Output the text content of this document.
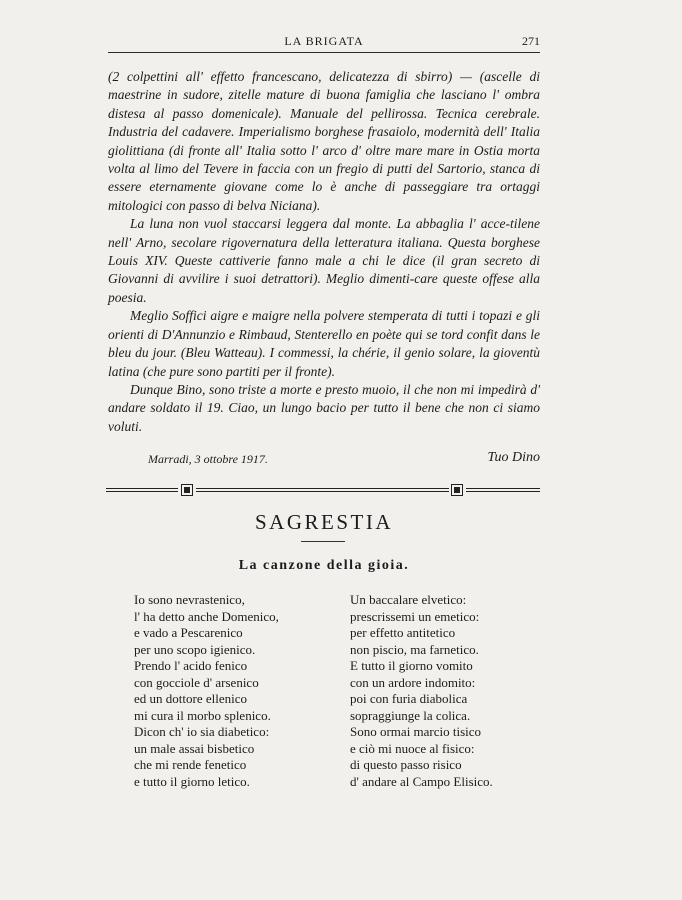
LA BRIGATA	271

(2 colpettini all' effetto francescano, delicatezza di sbirro) — (ascelle di maestrine in sudore, zitelle mature di buona famiglia che lasciano l' ombra distesa al passo domenicale). Manuale del pellirossa. Tecnica cerebrale. Industria del cadavere. Imperialismo borghese frasaiolo, modernità dell' Italia giolittiana (di fronte all' Italia sotto l' arco d' oltre mare mare in Ostia morta volta al limo del Tevere in faccia con un fregio di putti del Sartorio, stanca di essere eternamente giovane come lo è anche di passeggiare tra ortaggi mitologici con passo di belva Niciana).

La luna non vuol staccarsi leggera dal monte. La abbaglia l' acce-tilene nell' Arno, secolare rigovernatura della letteratura italiana. Questa borghese Louis XIV. Queste cattiverie fanno male a chi le dice (il gran secreto di Giovanni di avvilire i suoi detrattori). Meglio dimenti-care queste offese alla poesia.

Meglio Soffici aigre e maigre nella polvere stemperata di tutti i topazi e gli orienti di D'Annunzio e Rimbaud, Stenterello en poète qui se tord confit dans le bleu du jour. (Bleu Watteau). I commessi, la chérie, il genio solare, la gioventù latina (che pure sono partiti per il fronte).

Dunque Bino, sono triste a morte e presto muoio, il che non mi impedirà d' andare soldato il 19. Ciao, un lungo bacio per tutto il bene che non ci siamo voluti.

Marradi, 3 ottobre 1917.	Tuo Dino
SAGRESTIA
La canzone della gioia.
Io sono nevrastenico,
l' ha detto anche Domenico,
e vado a Pescarenico
per uno scopo igienico.
Prendo l' acido fenico
con gocciole d' arsenico
ed un dottore ellenico
mi cura il morbo splenico.
Dicon ch' io sia diabetico:
un male assai bisbetico
che mi rende fenetico
e tutto il giorno letico.
Un baccalare elvetico:
prescrissemi un emetico:
per effetto antitetico
non piscio, ma farnetico.
E tutto il giorno vomito
con un ardore indomito:
poi con furia diabolica
sopraggiunge la colica.
Sono ormai marcio tisico
e ciò mi nuoce al fisico:
di questo passo risico
d' andare al Campo Elisico.
